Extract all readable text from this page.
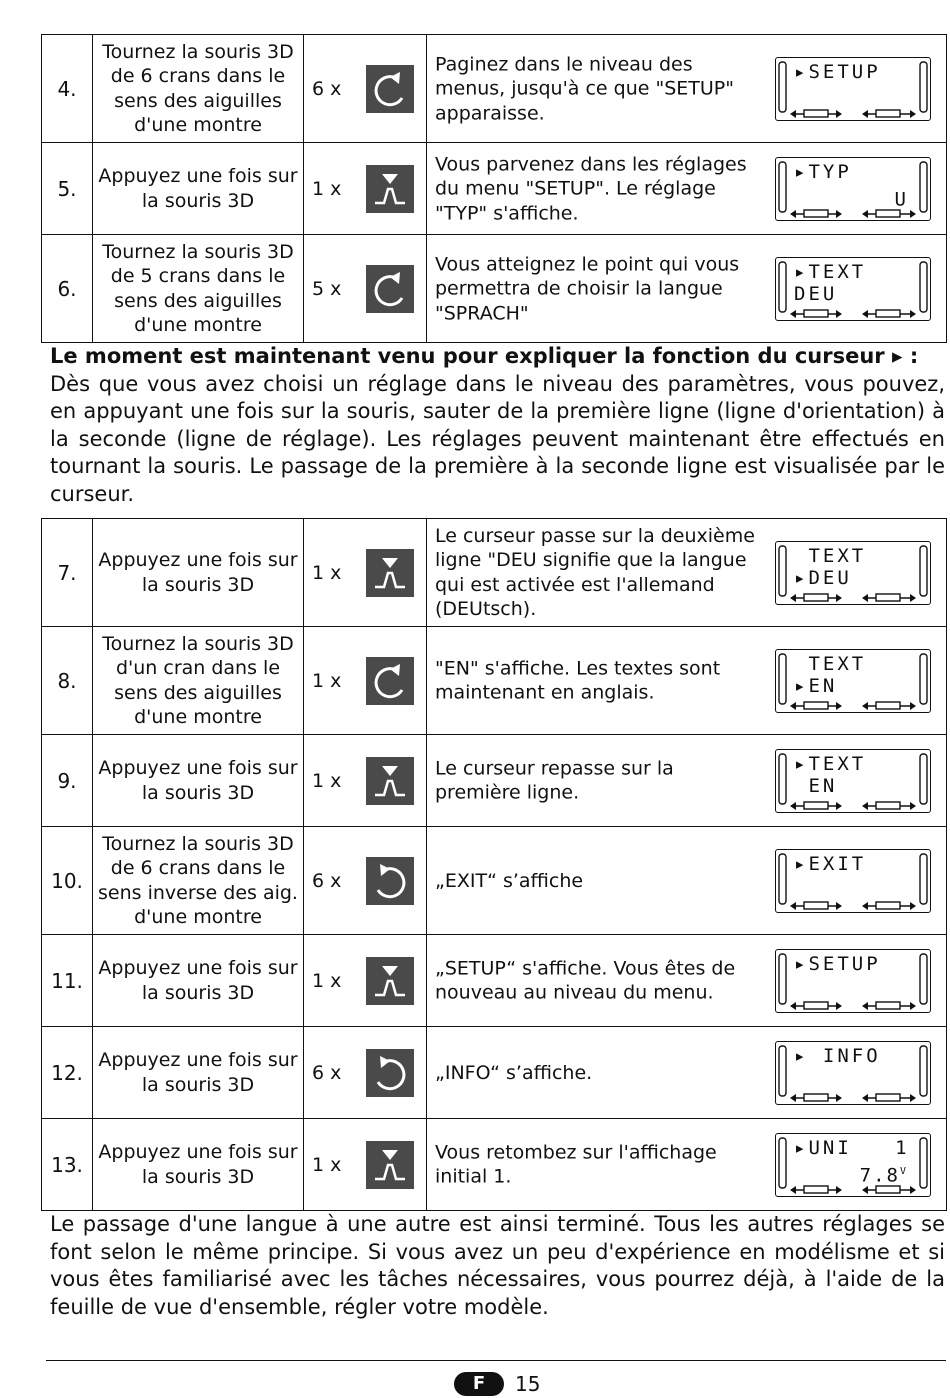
4.	Tournez la souris 3D de 6 crans dans le sens des aiguilles d'une montre	6 x	Paginez dans le niveau des menus, jusqu'à ce que "SETUP" apparaisse.
▸SETUP

5.	Appuyez une fois sur la souris 3D	1 x	Vous parvenez dans les réglages du menu "SETUP". Le réglage "TYP" s'affiche.
▸TYP
U

6.	Tournez la souris 3D de 5 crans dans le sens des aiguilles d'une montre	5 x	Vous atteignez le point qui vous permettra de choisir la langue "SPRACH"
▸TEXT
DEU
Le moment est maintenant venu pour expliquer la fonction du curseur ▸ :
Dès que vous avez choisi un réglage dans le niveau des paramètres, vous pouvez, en appuyant une fois sur la souris, sauter de la première ligne (ligne d'orientation) à la seconde (ligne de réglage). Les réglages peuvent maintenant être effectués en tournant la souris. Le passage de la première à la seconde ligne est visualisée par le curseur.
7.	Appuyez une fois sur la souris 3D	1 x	Le curseur passe sur la deuxième ligne "DEU signifie que la langue qui est activée est l'allemand (DEUtsch).
TEXT
▸DEU

8.	Tournez la souris 3D d'un cran dans le sens des aiguilles d'une montre	1 x	"EN" s'affiche. Les textes sont maintenant en anglais.
TEXT
▸EN

9.	Appuyez une fois sur la souris 3D	1 x	Le curseur repasse sur la première ligne.
▸TEXT
EN

10.	Tournez la souris 3D de 6 crans dans le sens inverse des aig. d'une montre	6 x	„EXIT“ s’affiche
▸EXIT

11.	Appuyez une fois sur la souris 3D	1 x	„SETUP“ s'affiche. Vous êtes de nouveau au niveau du menu.
▸SETUP

12.	Appuyez une fois sur la souris 3D	6 x	„INFO“ s’affiche.
▸ INFO

13.	Appuyez une fois sur la souris 3D	1 x	Vous retombez sur l'affichage initial 1.
▸UNI   1
$7.8^V$
Le passage d'une langue à une autre est ainsi terminé. Tous les autres réglages se font selon le même principe. Si vous avez un peu d'expérience en modélisme et si vous êtes familiarisé avec les tâches nécessaires, vous pourrez déjà, à l'aide de la feuille de vue d'ensemble, régler votre modèle.
F	15
